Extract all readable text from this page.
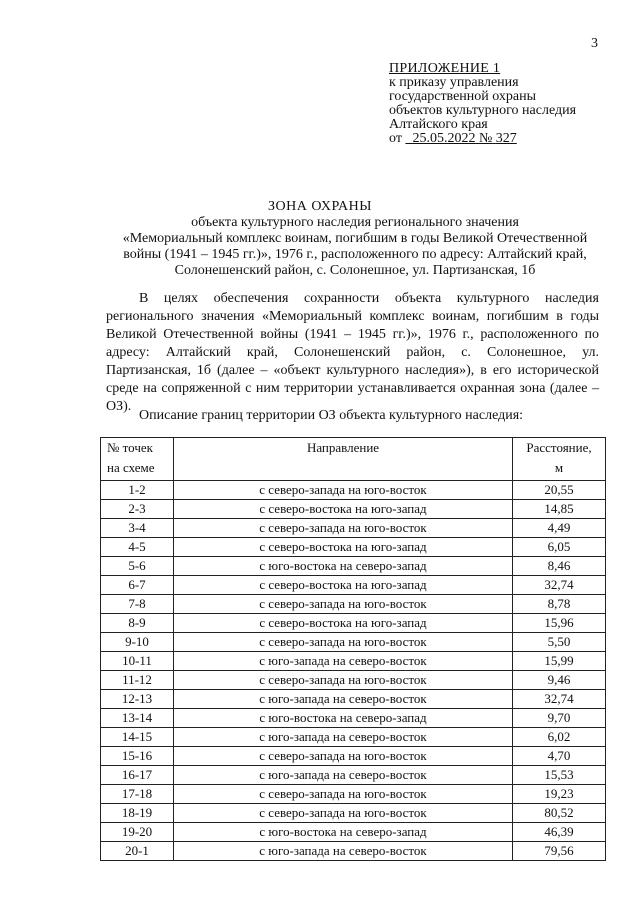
3
ПРИЛОЖЕНИЕ 1
к приказу управления
государственной охраны
объектов культурного наследия
Алтайского края
от 25.05.2022 № 327
ЗОНА ОХРАНЫ
объекта культурного наследия регионального значения
«Мемориальный комплекс воинам, погибшим в годы Великой Отечественной
войны (1941 – 1945 гг.)», 1976 г., расположенного по адресу: Алтайский край,
Солонешенский район, с. Солонешное, ул. Партизанская, 1б
В целях обеспечения сохранности объекта культурного наследия регионального значения «Мемориальный комплекс воинам, погибшим в годы Великой Отечественной войны (1941 – 1945 гг.)», 1976 г., расположенного по адресу: Алтайский край, Солонешенский район, с. Солонешное, ул. Партизанская, 1б (далее – «объект культурного наследия»), в его исторической среде на сопряженной с ним территории устанавливается охранная зона (далее – ОЗ).
Описание границ территории ОЗ объекта культурного наследия:
№ точек
на схеме	Направление	Расстояние,
м
1-2	с северо-запада на юго-восток	20,55
2-3	с северо-востока на юго-запад	14,85
3-4	с северо-запада на юго-восток	4,49
4-5	с северо-востока на юго-запад	6,05
5-6	с юго-востока на северо-запад	8,46
6-7	с северо-востока на юго-запад	32,74
7-8	с северо-запада на юго-восток	8,78
8-9	с северо-востока на юго-запад	15,96
9-10	с северо-запада на юго-восток	5,50
10-11	с юго-запада на северо-восток	15,99
11-12	с северо-запада на юго-восток	9,46
12-13	с юго-запада на северо-восток	32,74
13-14	с юго-востока на северо-запад	9,70
14-15	с юго-запада на северо-восток	6,02
15-16	с северо-запада на юго-восток	4,70
16-17	с юго-запада на северо-восток	15,53
17-18	с северо-запада на юго-восток	19,23
18-19	с северо-запада на юго-восток	80,52
19-20	с юго-востока на северо-запад	46,39
20-1	с юго-запада на северо-восток	79,56
